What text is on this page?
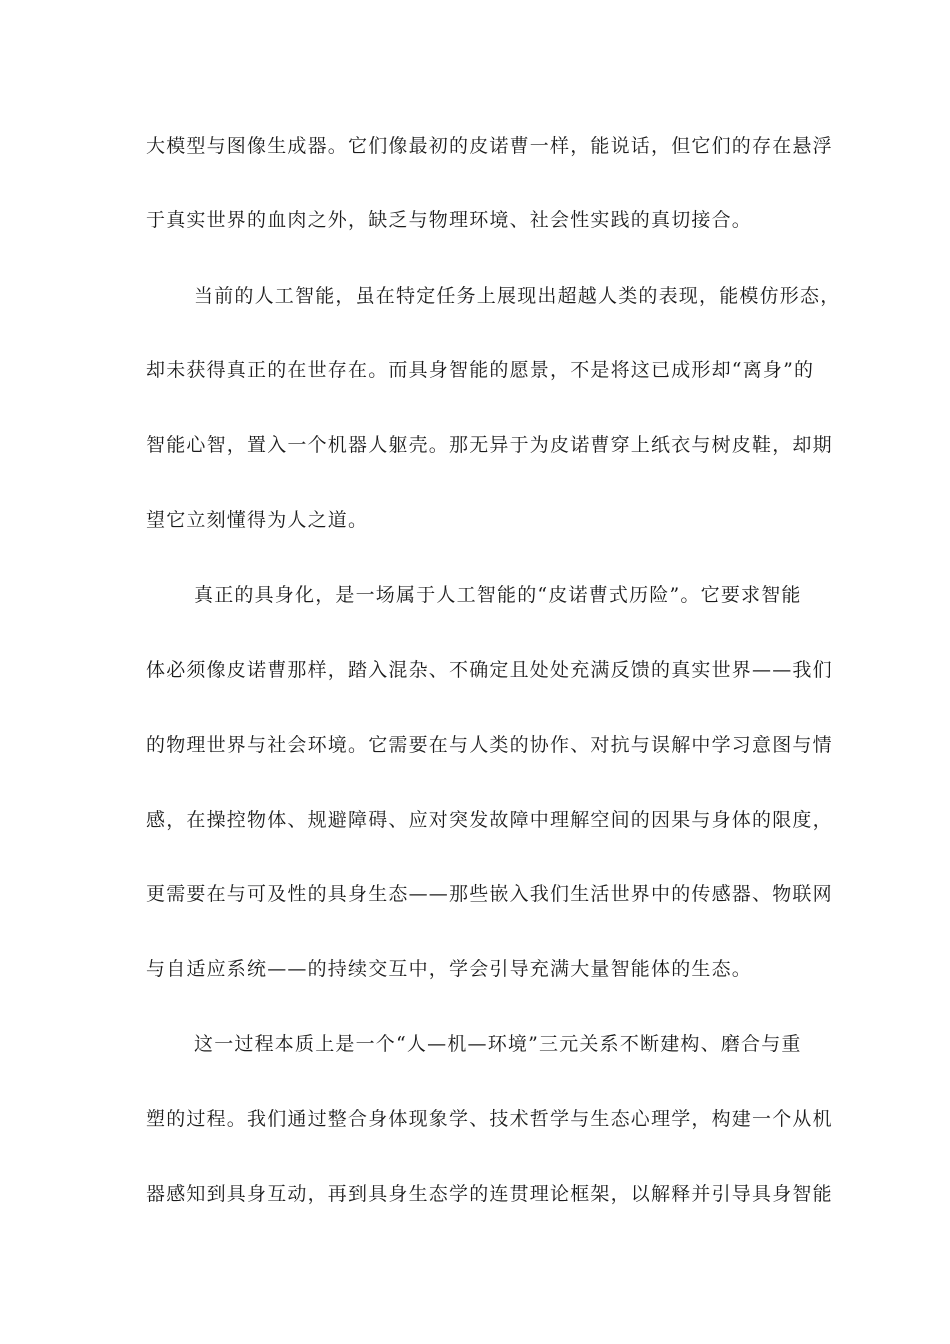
大模型与图像生成器。它们像最初的皮诺曹一样，能说话，但它们的存在悬浮
于真实世界的血肉之外，缺乏与物理环境、社会性实践的真切接合。
当前的人工智能，虽在特定任务上展现出超越人类的表现，能模仿形态，
却未获得真正的在世存在。而具身智能的愿景，不是将这已成形却“离身”的
智能心智，置入一个机器人躯壳。那无异于为皮诺曹穿上纸衣与树皮鞋，却期
望它立刻懂得为人之道。
真正的具身化，是一场属于人工智能的“皮诺曹式历险”。它要求智能
体必须像皮诺曹那样，踏入混杂、不确定且处处充满反馈的真实世界——我们
的物理世界与社会环境。它需要在与人类的协作、对抗与误解中学习意图与情
感，在操控物体、规避障碍、应对突发故障中理解空间的因果与身体的限度，
更需要在与可及性的具身生态——那些嵌入我们生活世界中的传感器、物联网
与自适应系统——的持续交互中，学会引导充满大量智能体的生态。
这一过程本质上是一个“人—机—环境”三元关系不断建构、磨合与重
塑的过程。我们通过整合身体现象学、技术哲学与生态心理学，构建一个从机
器感知到具身互动，再到具身生态学的连贯理论框架，以解释并引导具身智能
